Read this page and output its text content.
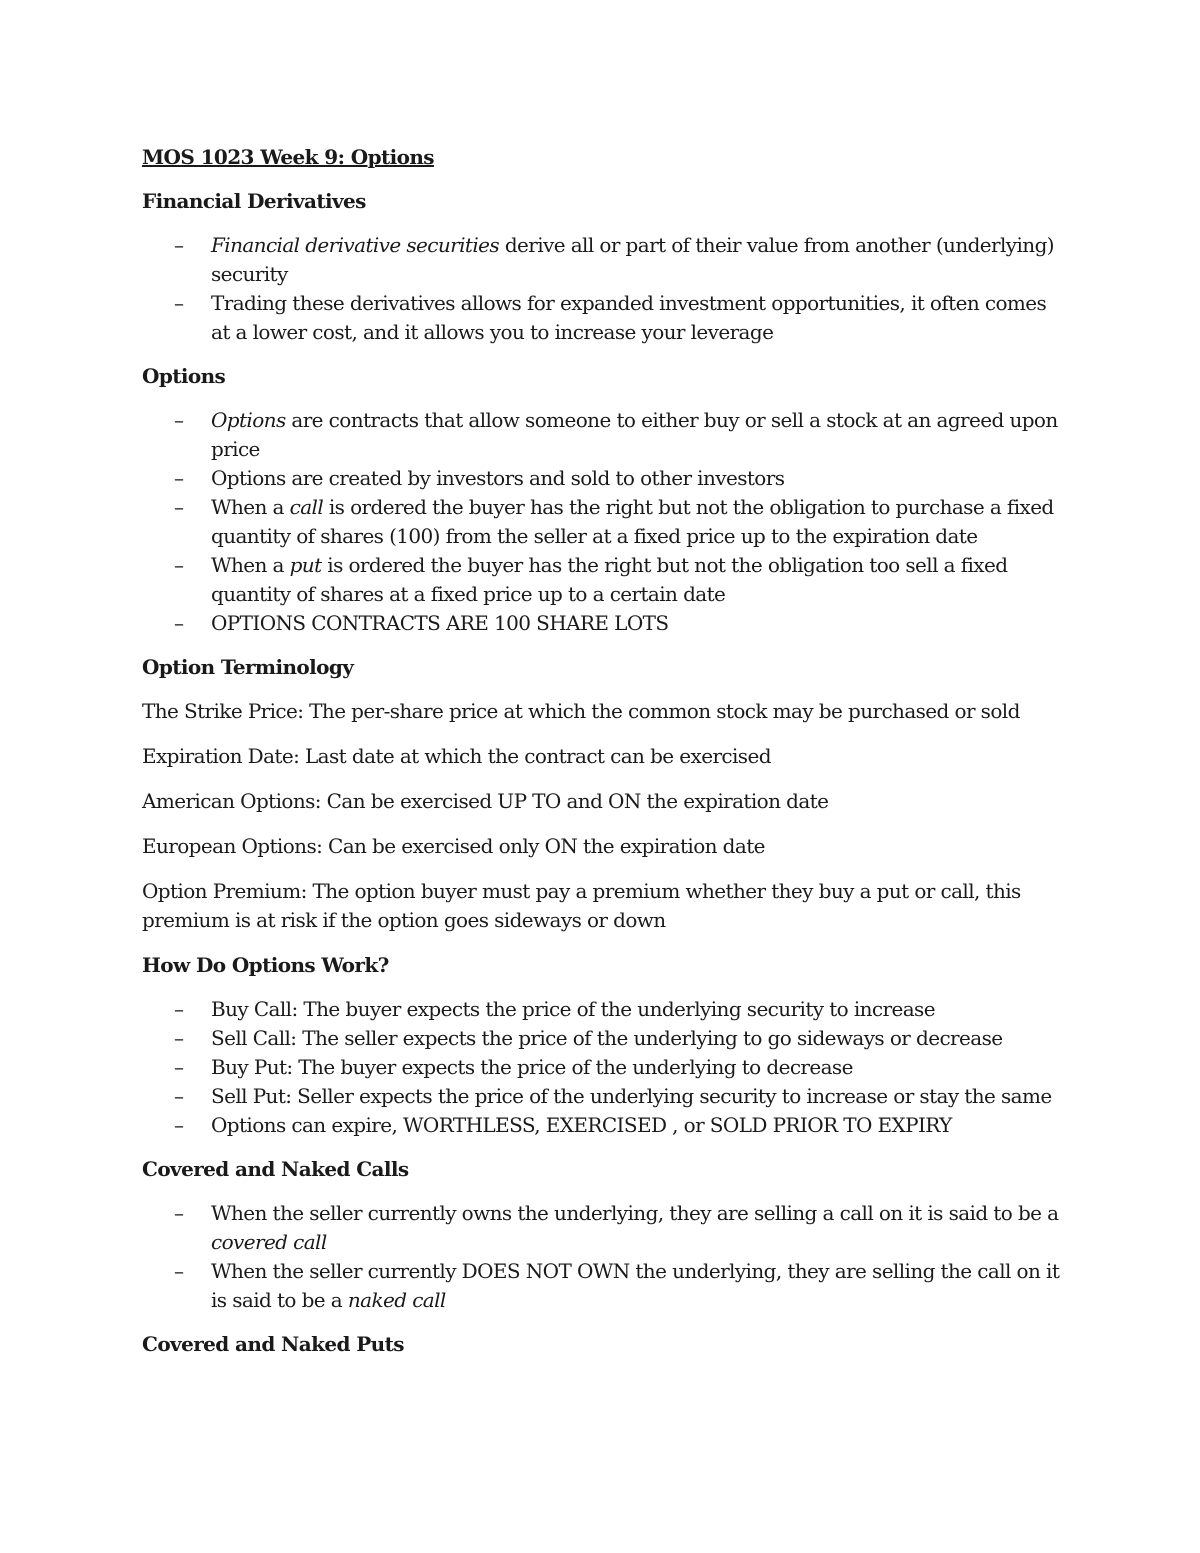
MOS 1023 Week 9: Options
Financial Derivatives
– Financial derivative securities derive all or part of their value from another (underlying) security
– Trading these derivatives allows for expanded investment opportunities, it often comes at a lower cost, and it allows you to increase your leverage
Options
– Options are contracts that allow someone to either buy or sell a stock at an agreed upon price
– Options are created by investors and sold to other investors
– When a call is ordered the buyer has the right but not the obligation to purchase a fixed quantity of shares (100) from the seller at a fixed price up to the expiration date
– When a put is ordered the buyer has the right but not the obligation too sell a fixed quantity of shares at a fixed price up to a certain date
– OPTIONS CONTRACTS ARE 100 SHARE LOTS
Option Terminology

The Strike Price: The per-share price at which the common stock may be purchased or sold

Expiration Date: Last date at which the contract can be exercised

American Options: Can be exercised UP TO and ON the expiration date

European Options: Can be exercised only ON the expiration date

Option Premium: The option buyer must pay a premium whether they buy a put or call, this premium is at risk if the option goes sideways or down

How Do Options Work?
– Buy Call: The buyer expects the price of the underlying security to increase
– Sell Call: The seller expects the price of the underlying to go sideways or decrease
– Buy Put: The buyer expects the price of the underlying to decrease
– Sell Put: Seller expects the price of the underlying security to increase or stay the same
– Options can expire, WORTHLESS, EXERCISED , or SOLD PRIOR TO EXPIRY
Covered and Naked Calls
– When the seller currently owns the underlying, they are selling a call on it is said to be a covered call
– When the seller currently DOES NOT OWN the underlying, they are selling the call on it is said to be a naked call
Covered and Naked Puts
